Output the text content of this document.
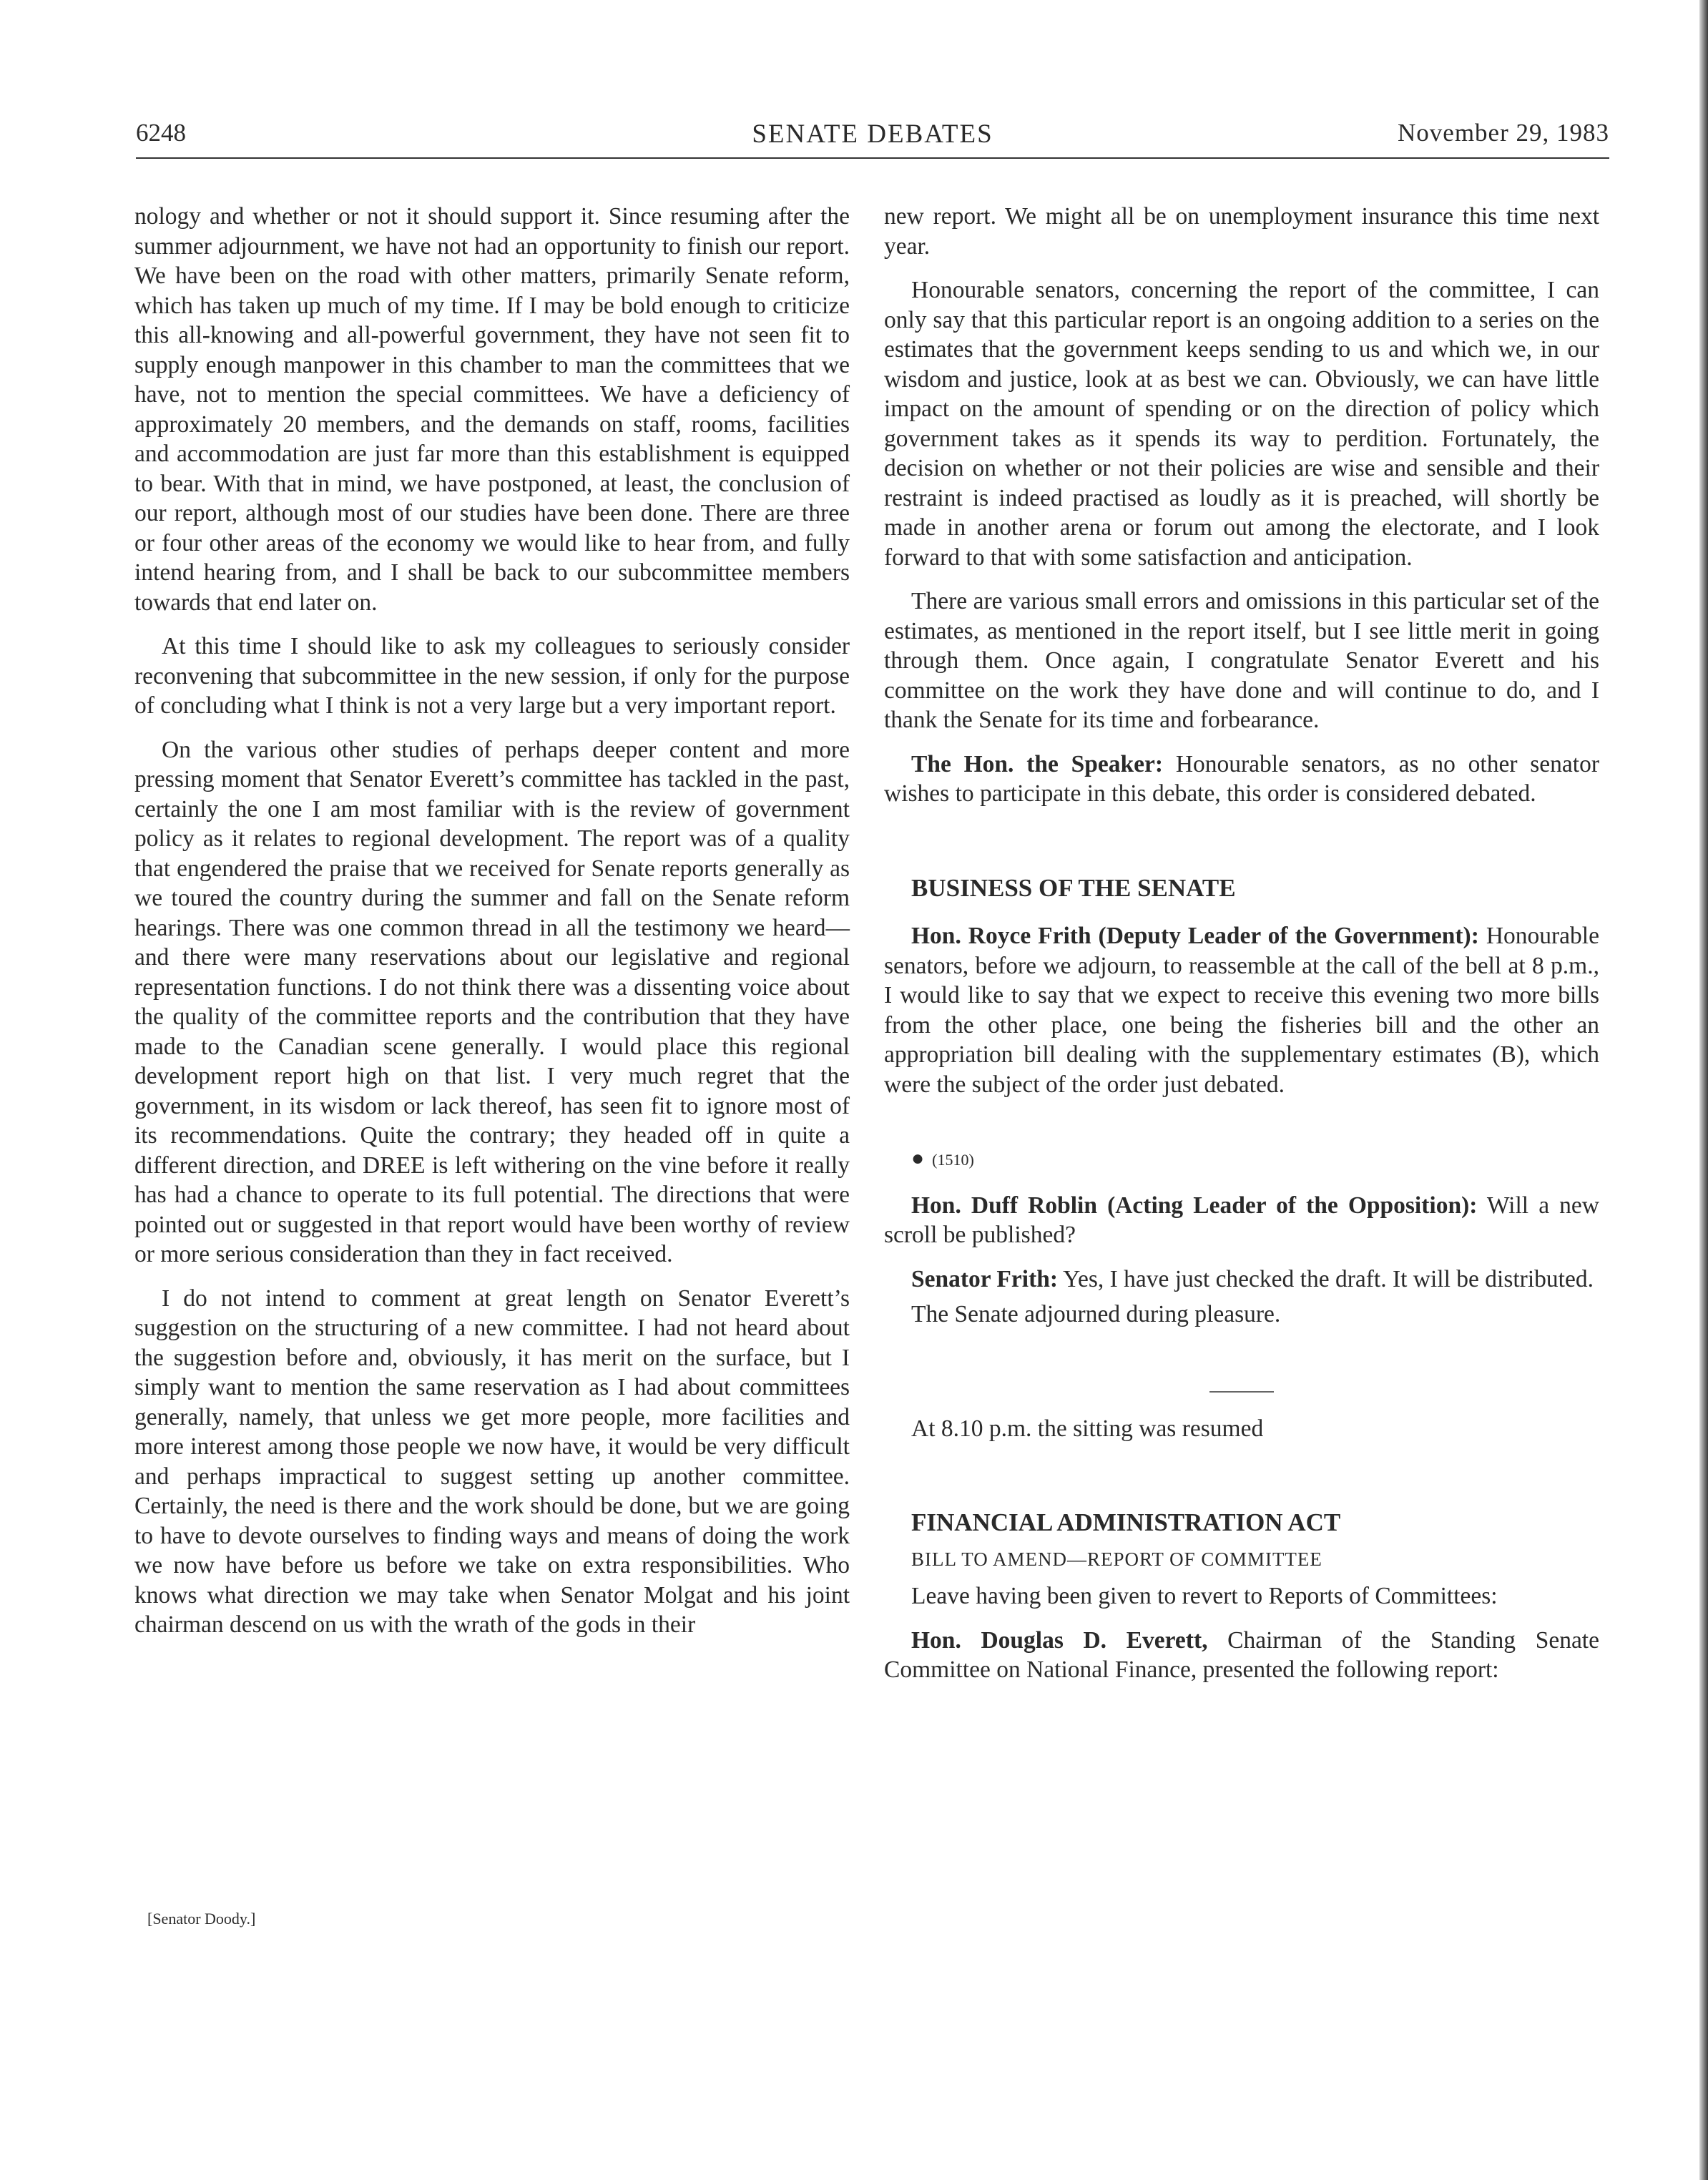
6248	SENATE DEBATES	November 29, 1983

nology and whether or not it should support it. Since resuming after the summer adjournment, we have not had an opportunity to finish our report. We have been on the road with other matters, primarily Senate reform, which has taken up much of my time. If I may be bold enough to criticize this all-knowing and all-powerful government, they have not seen fit to supply enough manpower in this chamber to man the committees that we have, not to mention the special committees. We have a deficiency of approximately 20 members, and the demands on staff, rooms, facilities and accommodation are just far more than this establishment is equipped to bear. With that in mind, we have postponed, at least, the conclusion of our report, although most of our studies have been done. There are three or four other areas of the economy we would like to hear from, and fully intend hearing from, and I shall be back to our subcommittee members towards that end later on.

At this time I should like to ask my colleagues to seriously consider reconvening that subcommittee in the new session, if only for the purpose of concluding what I think is not a very large but a very important report.

On the various other studies of perhaps deeper content and more pressing moment that Senator Everett’s committee has tackled in the past, certainly the one I am most familiar with is the review of government policy as it relates to regional development. The report was of a quality that engendered the praise that we received for Senate reports generally as we toured the country during the summer and fall on the Senate reform hearings. There was one common thread in all the testimony we heard— and there were many reservations about our legislative and regional representation functions. I do not think there was a dissenting voice about the quality of the committee reports and the contribution that they have made to the Canadian scene generally. I would place this regional development report high on that list. I very much regret that the government, in its wisdom or lack thereof, has seen fit to ignore most of its recommendations. Quite the contrary; they headed off in quite a different direction, and DREE is left withering on the vine before it really has had a chance to operate to its full potential. The directions that were pointed out or suggested in that report would have been worthy of review or more serious consideration than they in fact received.

I do not intend to comment at great length on Senator Everett’s suggestion on the structuring of a new committee. I had not heard about the suggestion before and, obviously, it has merit on the surface, but I simply want to mention the same reservation as I had about committees generally, namely, that unless we get more people, more facilities and more interest among those people we now have, it would be very difficult and perhaps impractical to suggest setting up another committee. Certainly, the need is there and the work should be done, but we are going to have to devote ourselves to finding ways and means of doing the work we now have before us before we take on extra responsibilities. Who knows what direction we may take when Senator Molgat and his joint chairman descend on us with the wrath of the gods in their

[Senator Doody.]

new report. We might all be on unemployment insurance this time next year.

Honourable senators, concerning the report of the committee, I can only say that this particular report is an ongoing addition to a series on the estimates that the government keeps sending to us and which we, in our wisdom and justice, look at as best we can. Obviously, we can have little impact on the amount of spending or on the direction of policy which government takes as it spends its way to perdition. Fortunately, the decision on whether or not their policies are wise and sensible and their restraint is indeed practised as loudly as it is preached, will shortly be made in another arena or forum out among the electorate, and I look forward to that with some satisfaction and anticipation.

There are various small errors and omissions in this particular set of the estimates, as mentioned in the report itself, but I see little merit in going through them. Once again, I congratulate Senator Everett and his committee on the work they have done and will continue to do, and I thank the Senate for its time and forbearance.

The Hon. the Speaker: Honourable senators, as no other senator wishes to participate in this debate, this order is considered debated.

BUSINESS OF THE SENATE

Hon. Royce Frith (Deputy Leader of the Government): Honourable senators, before we adjourn, to reassemble at the call of the bell at 8 p.m., I would like to say that we expect to receive this evening two more bills from the other place, one being the fisheries bill and the other an appropriation bill dealing with the supplementary estimates (B), which were the subject of the order just debated.

● (1510)

Hon. Duff Roblin (Acting Leader of the Opposition): Will a new scroll be published?

Senator Frith: Yes, I have just checked the draft. It will be distributed.

The Senate adjourned during pleasure.

At 8.10 p.m. the sitting was resumed

FINANCIAL ADMINISTRATION ACT

BILL TO AMEND—REPORT OF COMMITTEE

Leave having been given to revert to Reports of Committees:

Hon. Douglas D. Everett, Chairman of the Standing Senate Committee on National Finance, presented the following report:
